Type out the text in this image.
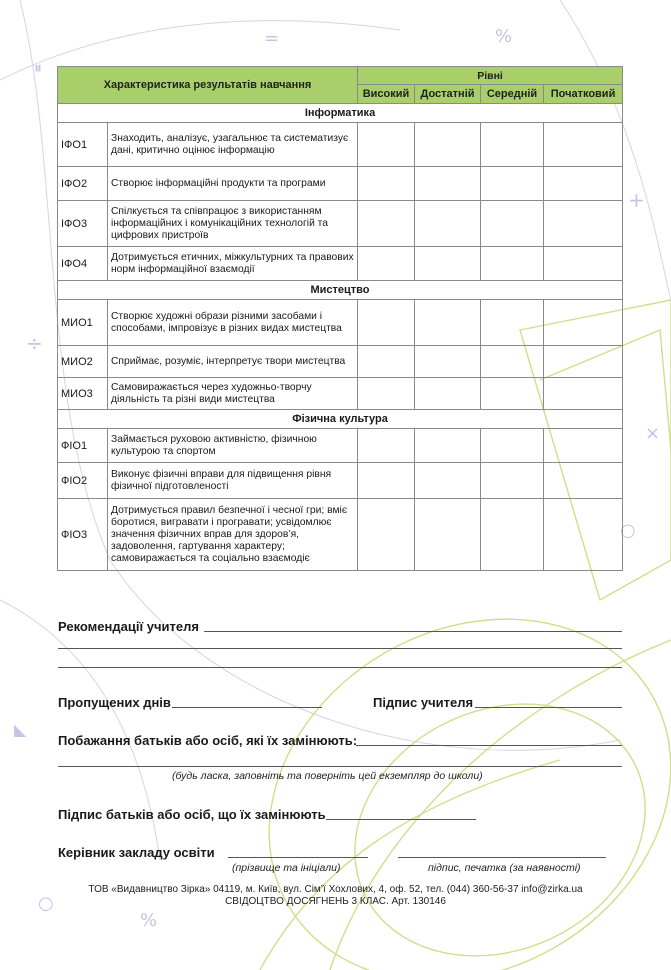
=	%
⏸
+
÷
×
○
◣
○
%
Характеристика результатів навчання		Рівні			
		Високий	Достатній	Середній	Початковий
Інформатика					
ІФО1	Знаходить, аналізує, узагальнює та систематизує дані, критично оцінює інформацію				
ІФО2	Створює інформаційні продукти та програми				
ІФО3	Спілкується та співпрацює з використанням інформаційних і комунікаційних технологій та цифрових пристроїв				
ІФО4	Дотримується етичних, міжкультурних та правових норм інформаційної взаємодії				
Мистецтво					
МИО1	Створює художні образи різними засобами і способами, імпровізує в різних видах мистецтва				
МИО2	Сприймає, розуміє, інтерпретує твори мистецтва				
МИО3	Самовиражається через художньо-творчу діяльність та різні види мистецтва				
Фізична культура					
ФІО1	Займається руховою активністю, фізичною культурою та спортом				
ФІО2	Виконує фізичні вправи для підвищення рівня фізичної підготовленості				
ФІО3	Дотримується правил безпечної і чесної гри; вміє боротися, вигравати і програвати; усвідомлює значення фізичних вправ для здоров’я, задоволення, гартування характеру; самовиражається та соціально взаємодіє				
Рекомендації учителя
Пропущених днів	Підпис учителя
Побажання батьків або осіб, які їх замінюють:
(будь ласка, заповніть та поверніть цей екземпляр до школи)
Підпис батьків або осіб, що їх замінюють
Керівник закладу освіти
(прізвище та ініціали)	підпис, печатка (за наявності)
ТОВ «Видавництво Зірка» 04119, м. Київ, вул. Сім’ї Хохлових, 4, оф. 52, тел. (044) 360-56-37 info@zirka.ua
СВІДОЦТВО ДОСЯГНЕНЬ 3 КЛАС. Арт. 130146
